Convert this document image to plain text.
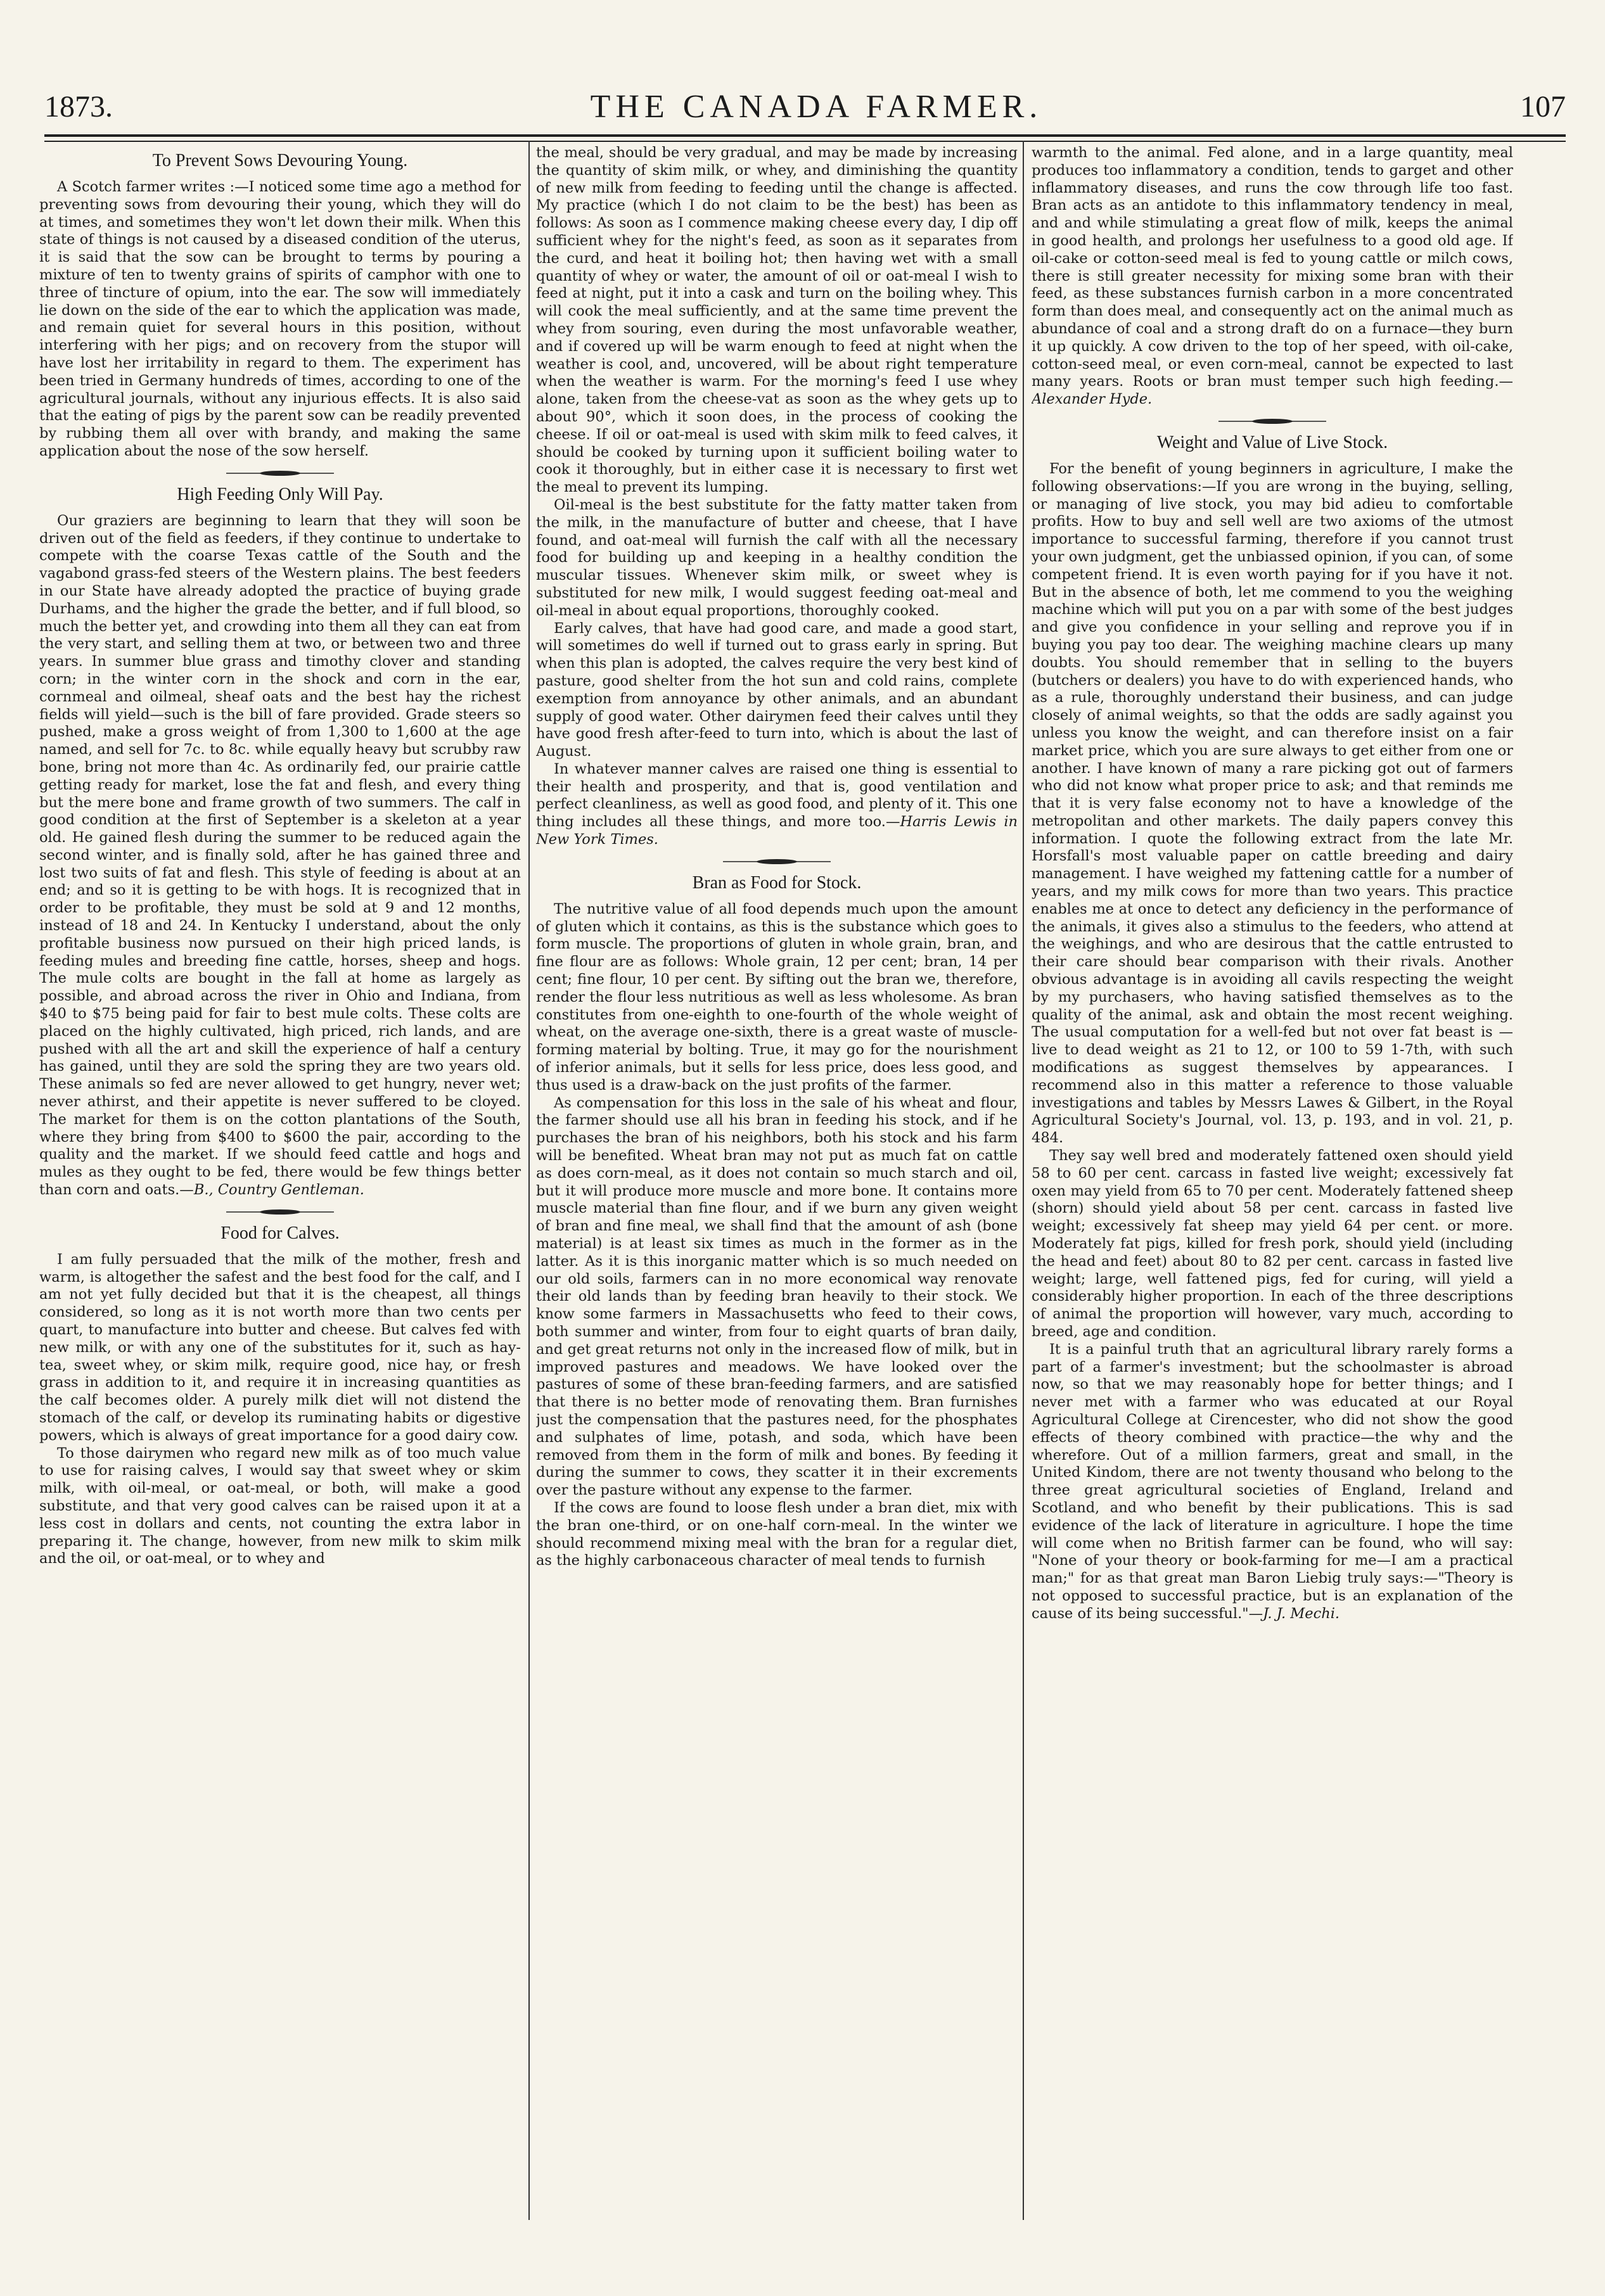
1873.	THE CANADA FARMER.	107
To Prevent Sows Devouring Young.

A Scotch farmer writes :—I noticed some time ago a method for preventing sows from devouring their young, which they will do at times, and sometimes they won't let down their milk. When this state of things is not caused by a diseased condition of the uterus, it is said that the sow can be brought to terms by pouring a mixture of ten to twenty grains of spirits of camphor with one to three of tincture of opium, into the ear. The sow will immediately lie down on the side of the ear to which the application was made, and remain quiet for several hours in this position, without interfering with her pigs; and on recovery from the stupor will have lost her irritability in regard to them. The experiment has been tried in Germany hundreds of times, according to one of the agricultural journals, without any injurious effects. It is also said that the eating of pigs by the parent sow can be readily prevented by rubbing them all over with brandy, and making the same application about the nose of the sow herself.

High Feeding Only Will Pay.

Our graziers are beginning to learn that they will soon be driven out of the field as feeders, if they continue to undertake to compete with the coarse Texas cattle of the South and the vagabond grass-fed steers of the Western plains. The best feeders in our State have already adopted the practice of buying grade Durhams, and the higher the grade the better, and if full blood, so much the better yet, and crowding into them all they can eat from the very start, and selling them at two, or between two and three years. In summer blue grass and timothy clover and standing corn; in the winter corn in the shock and corn in the ear, cornmeal and oilmeal, sheaf oats and the best hay the richest fields will yield—such is the bill of fare provided. Grade steers so pushed, make a gross weight of from 1,300 to 1,600 at the age named, and sell for 7c. to 8c. while equally heavy but scrubby raw bone, bring not more than 4c. As ordinarily fed, our prairie cattle getting ready for market, lose the fat and flesh, and every thing but the mere bone and frame growth of two summers. The calf in good condition at the first of September is a skeleton at a year old. He gained flesh during the summer to be reduced again the second winter, and is finally sold, after he has gained three and lost two suits of fat and flesh. This style of feeding is about at an end; and so it is getting to be with hogs. It is recognized that in order to be profitable, they must be sold at 9 and 12 months, instead of 18 and 24. In Kentucky I understand, about the only profitable business now pursued on their high priced lands, is feeding mules and breeding fine cattle, horses, sheep and hogs. The mule colts are bought in the fall at home as largely as possible, and abroad across the river in Ohio and Indiana, from $40 to $75 being paid for fair to best mule colts. These colts are placed on the highly cultivated, high priced, rich lands, and are pushed with all the art and skill the experience of half a century has gained, until they are sold the spring they are two years old. These animals so fed are never allowed to get hungry, never wet; never athirst, and their appetite is never suffered to be cloyed. The market for them is on the cotton plantations of the South, where they bring from $400 to $600 the pair, according to the quality and the market. If we should feed cattle and hogs and mules as they ought to be fed, there would be few things better than corn and oats.—B., Country Gentleman.

Food for Calves.

I am fully persuaded that the milk of the mother, fresh and warm, is altogether the safest and the best food for the calf, and I am not yet fully decided but that it is the cheapest, all things considered, so long as it is not worth more than two cents per quart, to manufacture into butter and cheese. But calves fed with new milk, or with any one of the substitutes for it, such as hay-tea, sweet whey, or skim milk, require good, nice hay, or fresh grass in addition to it, and require it in increasing quantities as the calf becomes older. A purely milk diet will not distend the stomach of the calf, or develop its ruminating habits or digestive powers, which is always of great importance for a good dairy cow.

To those dairymen who regard new milk as of too much value to use for raising calves, I would say that sweet whey or skim milk, with oil-meal, or oat-meal, or both, will make a good substitute, and that very good calves can be raised upon it at a less cost in dollars and cents, not counting the extra labor in preparing it. The change, however, from new milk to skim milk and the oil, or oat-meal, or to whey and

the meal, should be very gradual, and may be made by increasing the quantity of skim milk, or whey, and diminishing the quantity of new milk from feeding to feeding until the change is affected. My practice (which I do not claim to be the best) has been as follows: As soon as I commence making cheese every day, I dip off sufficient whey for the night's feed, as soon as it separates from the curd, and heat it boiling hot; then having wet with a small quantity of whey or water, the amount of oil or oat-meal I wish to feed at night, put it into a cask and turn on the boiling whey. This will cook the meal sufficiently, and at the same time prevent the whey from souring, even during the most unfavorable weather, and if covered up will be warm enough to feed at night when the weather is cool, and, uncovered, will be about right temperature when the weather is warm. For the morning's feed I use whey alone, taken from the cheese-vat as soon as the whey gets up to about 90°, which it soon does, in the process of cooking the cheese. If oil or oat-meal is used with skim milk to feed calves, it should be cooked by turning upon it sufficient boiling water to cook it thoroughly, but in either case it is necessary to first wet the meal to prevent its lumping.

Oil-meal is the best substitute for the fatty matter taken from the milk, in the manufacture of butter and cheese, that I have found, and oat-meal will furnish the calf with all the necessary food for building up and keeping in a healthy condition the muscular tissues. Whenever skim milk, or sweet whey is substituted for new milk, I would suggest feeding oat-meal and oil-meal in about equal proportions, thoroughly cooked.

Early calves, that have had good care, and made a good start, will sometimes do well if turned out to grass early in spring. But when this plan is adopted, the calves require the very best kind of pasture, good shelter from the hot sun and cold rains, complete exemption from annoyance by other animals, and an abundant supply of good water. Other dairymen feed their calves until they have good fresh after-feed to turn into, which is about the last of August.

In whatever manner calves are raised one thing is essential to their health and prosperity, and that is, good ventilation and perfect cleanliness, as well as good food, and plenty of it. This one thing includes all these things, and more too.—Harris Lewis in New York Times.

Bran as Food for Stock.

The nutritive value of all food depends much upon the amount of gluten which it contains, as this is the substance which goes to form muscle. The proportions of gluten in whole grain, bran, and fine flour are as follows: Whole grain, 12 per cent; bran, 14 per cent; fine flour, 10 per cent. By sifting out the bran we, therefore, render the flour less nutritious as well as less wholesome. As bran constitutes from one-eighth to one-fourth of the whole weight of wheat, on the average one-sixth, there is a great waste of muscle-forming material by bolting. True, it may go for the nourishment of inferior animals, but it sells for less price, does less good, and thus used is a draw-back on the just profits of the farmer.

As compensation for this loss in the sale of his wheat and flour, the farmer should use all his bran in feeding his stock, and if he purchases the bran of his neighbors, both his stock and his farm will be benefited. Wheat bran may not put as much fat on cattle as does corn-meal, as it does not contain so much starch and oil, but it will produce more muscle and more bone. It contains more muscle material than fine flour, and if we burn any given weight of bran and fine meal, we shall find that the amount of ash (bone material) is at least six times as much in the former as in the latter. As it is this inorganic matter which is so much needed on our old soils, farmers can in no more economical way renovate their old lands than by feeding bran heavily to their stock. We know some farmers in Massachusetts who feed to their cows, both summer and winter, from four to eight quarts of bran daily, and get great returns not only in the increased flow of milk, but in improved pastures and meadows. We have looked over the pastures of some of these bran-feeding farmers, and are satisfied that there is no better mode of renovating them. Bran furnishes just the compensation that the pastures need, for the phosphates and sulphates of lime, potash, and soda, which have been removed from them in the form of milk and bones. By feeding it during the summer to cows, they scatter it in their excrements over the pasture without any expense to the farmer.

If the cows are found to loose flesh under a bran diet, mix with the bran one-third, or on one-half corn-meal. In the winter we should recommend mixing meal with the bran for a regular diet, as the highly carbonaceous character of meal tends to furnish

warmth to the animal. Fed alone, and in a large quantity, meal produces too inflammatory a condition, tends to garget and other inflammatory diseases, and runs the cow through life too fast. Bran acts as an antidote to this inflammatory tendency in meal, and and while stimulating a great flow of milk, keeps the animal in good health, and prolongs her usefulness to a good old age. If oil-cake or cotton-seed meal is fed to young cattle or milch cows, there is still greater necessity for mixing some bran with their feed, as these substances furnish carbon in a more concentrated form than does meal, and consequently act on the animal much as abundance of coal and a strong draft do on a furnace—they burn it up quickly. A cow driven to the top of her speed, with oil-cake, cotton-seed meal, or even corn-meal, cannot be expected to last many years. Roots or bran must temper such high feeding.—Alexander Hyde.

Weight and Value of Live Stock.

For the benefit of young beginners in agriculture, I make the following observations:—If you are wrong in the buying, selling, or managing of live stock, you may bid adieu to comfortable profits. How to buy and sell well are two axioms of the utmost importance to successful farming, therefore if you cannot trust your own judgment, get the unbiassed opinion, if you can, of some competent friend. It is even worth paying for if you have it not. But in the absence of both, let me commend to you the weighing machine which will put you on a par with some of the best judges and give you confidence in your selling and reprove you if in buying you pay too dear. The weighing machine clears up many doubts. You should remember that in selling to the buyers (butchers or dealers) you have to do with experienced hands, who as a rule, thoroughly understand their business, and can judge closely of animal weights, so that the odds are sadly against you unless you know the weight, and can therefore insist on a fair market price, which you are sure always to get either from one or another. I have known of many a rare picking got out of farmers who did not know what proper price to ask; and that reminds me that it is very false economy not to have a knowledge of the metropolitan and other markets. The daily papers convey this information. I quote the following extract from the late Mr. Horsfall's most valuable paper on cattle breeding and dairy management. I have weighed my fattening cattle for a number of years, and my milk cows for more than two years. This practice enables me at once to detect any deficiency in the performance of the animals, it gives also a stimulus to the feeders, who attend at the weighings, and who are desirous that the cattle entrusted to their care should bear comparison with their rivals. Another obvious advantage is in avoiding all cavils respecting the weight by my purchasers, who having satisfied themselves as to the quality of the animal, ask and obtain the most recent weighing. The usual computation for a well-fed but not over fat beast is —live to dead weight as 21 to 12, or 100 to 59 1-7th, with such modifications as suggest themselves by appearances. I recommend also in this matter a reference to those valuable investigations and tables by Messrs Lawes & Gilbert, in the Royal Agricultural Society's Journal, vol. 13, p. 193, and in vol. 21, p. 484.

They say well bred and moderately fattened oxen should yield 58 to 60 per cent. carcass in fasted live weight; excessively fat oxen may yield from 65 to 70 per cent. Moderately fattened sheep (shorn) should yield about 58 per cent. carcass in fasted live weight; excessively fat sheep may yield 64 per cent. or more. Moderately fat pigs, killed for fresh pork, should yield (including the head and feet) about 80 to 82 per cent. carcass in fasted live weight; large, well fattened pigs, fed for curing, will yield a considerably higher proportion. In each of the three descriptions of animal the proportion will however, vary much, according to breed, age and condition.

It is a painful truth that an agricultural library rarely forms a part of a farmer's investment; but the schoolmaster is abroad now, so that we may reasonably hope for better things; and I never met with a farmer who was educated at our Royal Agricultural College at Cirencester, who did not show the good effects of theory combined with practice—the why and the wherefore. Out of a million farmers, great and small, in the United Kindom, there are not twenty thousand who belong to the three great agricultural societies of England, Ireland and Scotland, and who benefit by their publications. This is sad evidence of the lack of literature in agriculture. I hope the time will come when no British farmer can be found, who will say: "None of your theory or book-farming for me—I am a practical man;" for as that great man Baron Liebig truly says:—"Theory is not opposed to successful practice, but is an explanation of the cause of its being successful."—J. J. Mechi.
